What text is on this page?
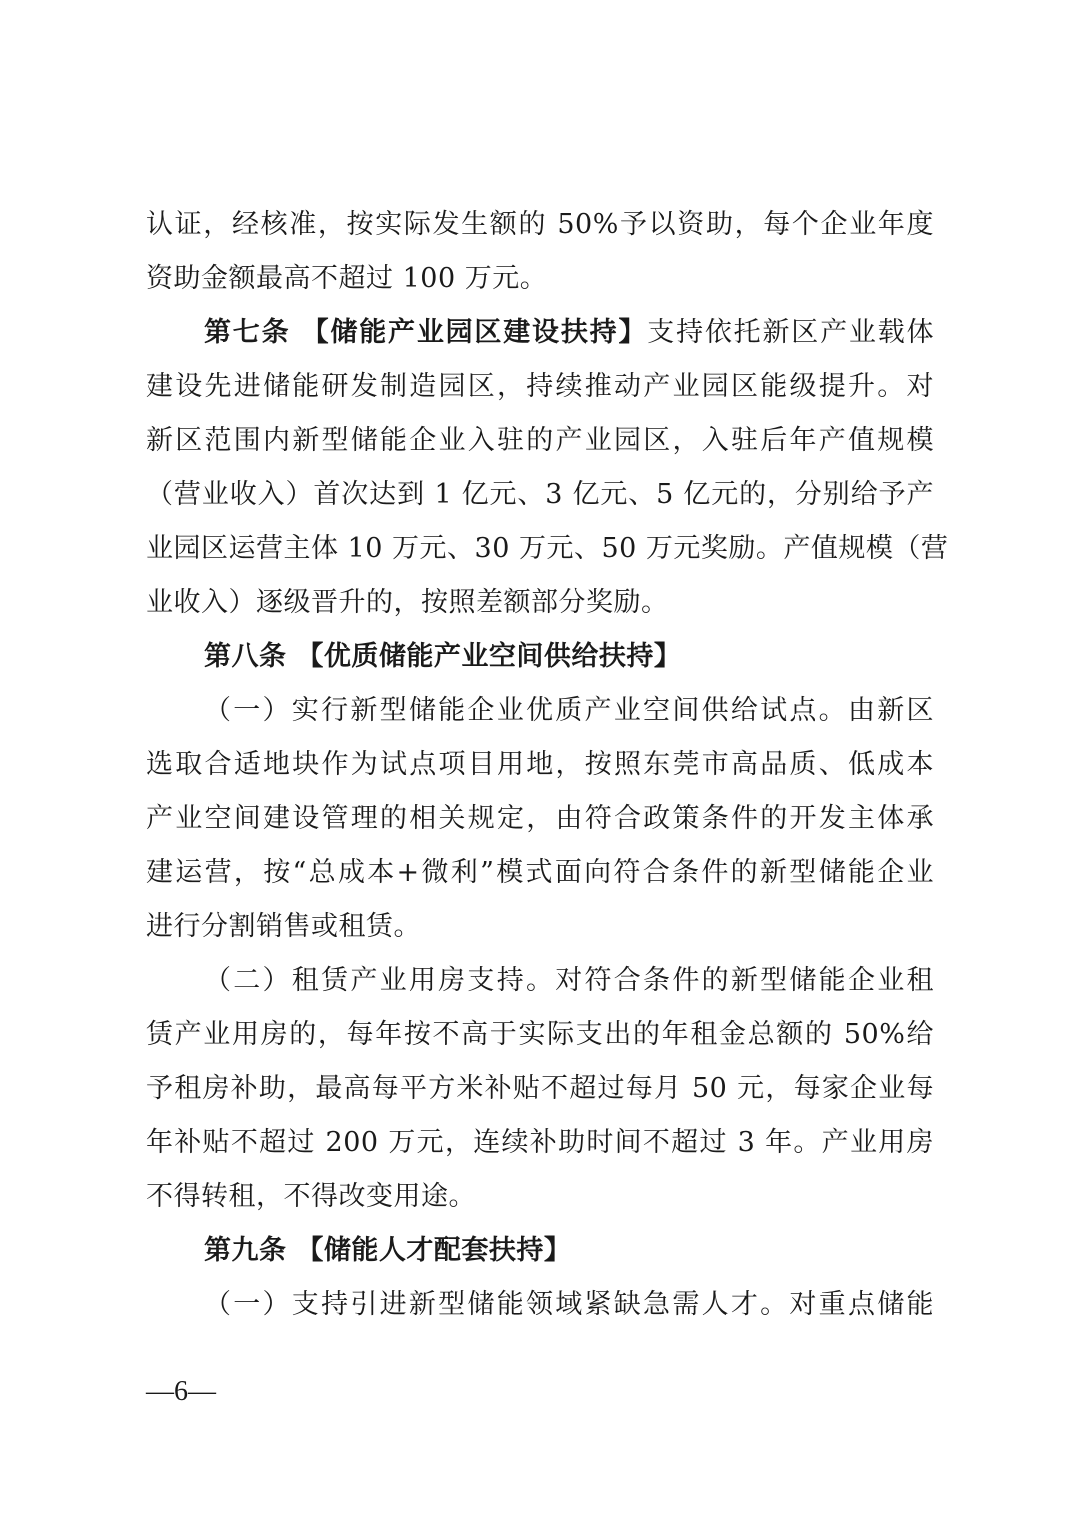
认证，经核准，按实际发生额的 50%予以资助，每个企业年度
资助金额最高不超过 100 万元。
第七条 【储能产业园区建设扶持】支持依托新区产业载体
建设先进储能研发制造园区，持续推动产业园区能级提升。对
新区范围内新型储能企业入驻的产业园区，入驻后年产值规模
（营业收入）首次达到 1 亿元、3 亿元、5 亿元的，分别给予产
业园区运营主体 10 万元、30 万元、50 万元奖励。产值规模（营
业收入）逐级晋升的，按照差额部分奖励。
第八条 【优质储能产业空间供给扶持】
（一）实行新型储能企业优质产业空间供给试点。由新区
选取合适地块作为试点项目用地，按照东莞市高品质、低成本
产业空间建设管理的相关规定，由符合政策条件的开发主体承
建运营，按“总成本+微利”模式面向符合条件的新型储能企业
进行分割销售或租赁。
（二）租赁产业用房支持。对符合条件的新型储能企业租
赁产业用房的，每年按不高于实际支出的年租金总额的 50%给
予租房补助，最高每平方米补贴不超过每月 50 元，每家企业每
年补贴不超过 200 万元，连续补助时间不超过 3 年。产业用房
不得转租，不得改变用途。
第九条 【储能人才配套扶持】
（一）支持引进新型储能领域紧缺急需人才。对重点储能
—6—
